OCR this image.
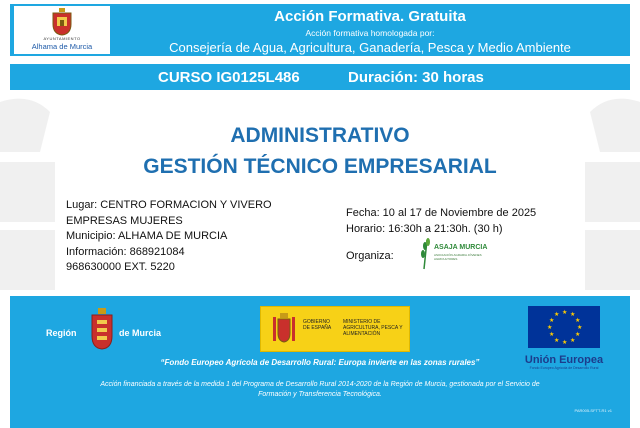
AYUNTAMIENTO
Alhama de Murcia
Acción Formativa. Gratuita
Acción formativa homologada por:
Consejería de Agua, Agricultura, Ganadería, Pesca y Medio Ambiente
CURSO IG0125L486	Duración: 30 horas
ADMINISTRATIVO
GESTIÓN TÉCNICO EMPRESARIAL
Lugar: CENTRO FORMACION Y VIVERO
EMPRESAS MUJERES
Municipio: ALHAMA DE MURCIA
Información: 868921084
968630000 EXT. 5220
Fecha: 10 al 17 de Noviembre de 2025
Horario: 16:30h a 21:30h. (30 h)
Organiza:
ASAJA MURCIA
ASOCIACIÓN AGRARIA JÓVENES AGRICULTORES
Región	de Murcia
GOBIERNO DE ESPAÑA
MINISTERIO DE AGRICULTURA, PESCA Y ALIMENTACIÓN
★ ★
★
★
★
★
★
★
★
★
★
★
Unión Europea
Fondo Europeo Agrícola de Desarrollo Rural
“Fondo Europeo Agrícola de Desarrollo Rural: Europa invierte en las zonas rurales”
Acción financiada a través de la medida 1 del Programa de Desarrollo Rural 2014-2020 de la Región de Murcia, gestionada por el Servicio de
Formación y Transferencia Tecnológica.
PAR005-SFTT-R1 v1
